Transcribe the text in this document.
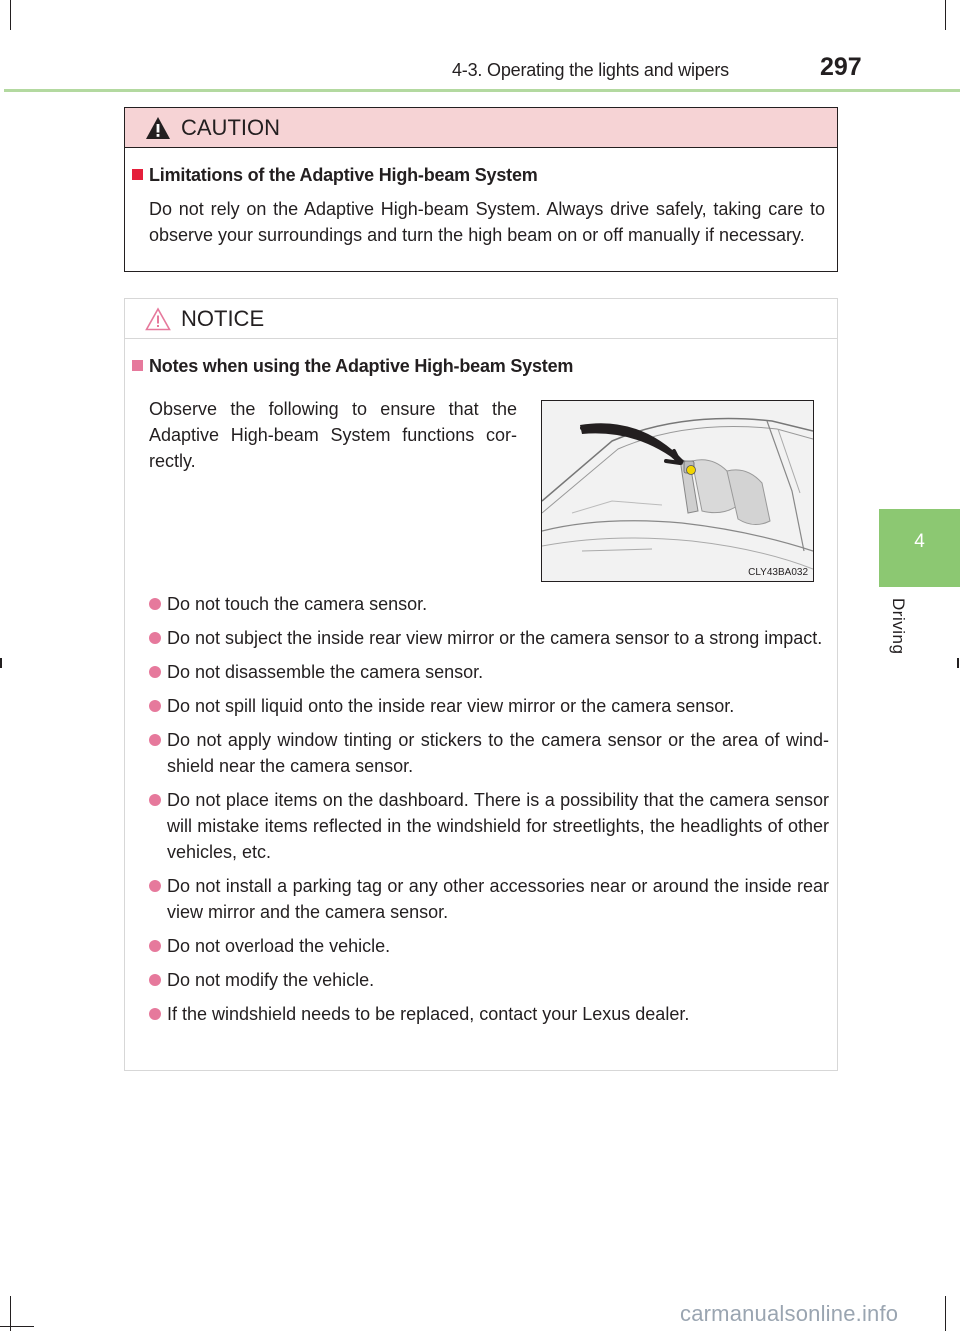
4-3. Operating the lights and wipers	297
4
Driving
CAUTION
Limitations of the Adaptive High-beam System
Do not rely on the Adaptive High-beam System. Always drive safely, taking care to observe your surroundings and turn the high beam on or off manually if necessary.
NOTICE
Notes when using the Adaptive High-beam System
Observe the following to ensure that the Adaptive High-beam System functions cor-rectly.
CLY43BA032
Do not touch the camera sensor.
Do not subject the inside rear view mirror or the camera sensor to a strong impact.
Do not disassemble the camera sensor.
Do not spill liquid onto the inside rear view mirror or the camera sensor.
Do not apply window tinting or stickers to the camera sensor or the area of wind-shield near the camera sensor.
Do not place items on the dashboard. There is a possibility that the camera sensor will mistake items reflected in the windshield for streetlights, the headlights of other vehicles, etc.
Do not install a parking tag or any other accessories near or around the inside rear view mirror and the camera sensor.
Do not overload the vehicle.
Do not modify the vehicle.
If the windshield needs to be replaced, contact your Lexus dealer.
carmanualsonline.info
